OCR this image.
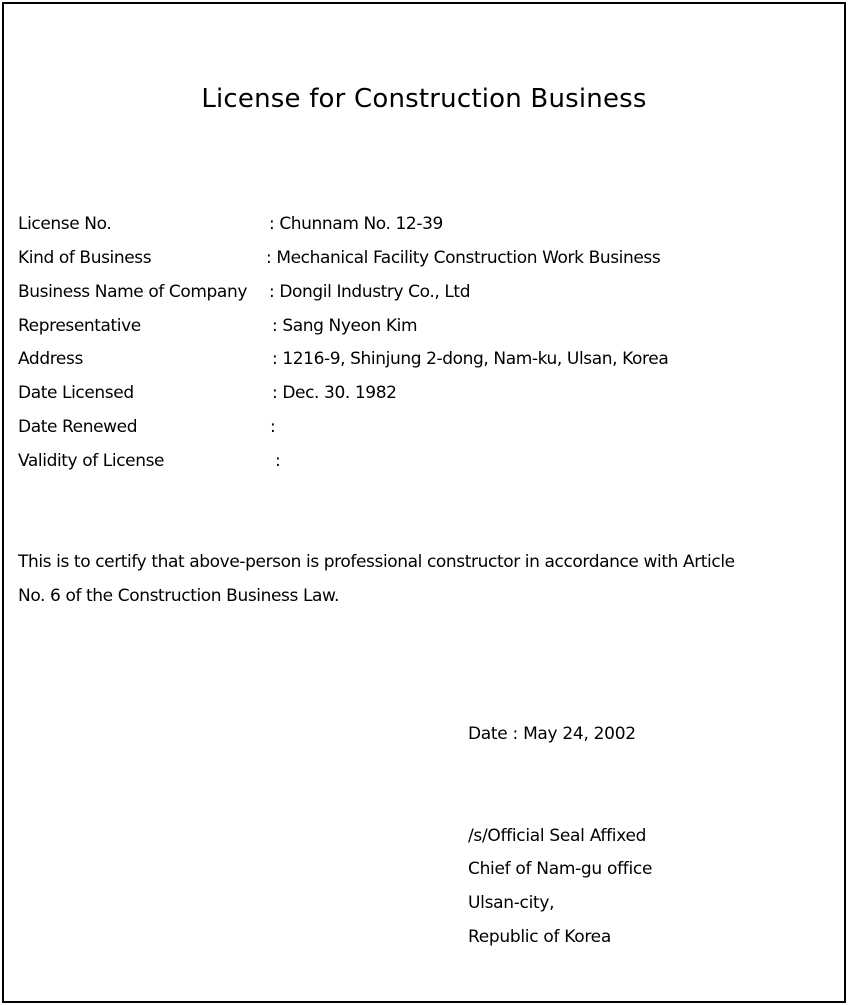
License for Construction Business
License No.	: Chunnam No. 12-39
Kind of Business	: Mechanical Facility Construction Work Business
Business Name of Company : Dongil Industry Co., Ltd
Representative	: Sang Nyeon Kim
Address	: 1216-9, Shinjung 2-dong, Nam-ku, Ulsan, Korea
Date Licensed	: Dec. 30. 1982
Date Renewed	:
Validity of License	:
This is to certify that above-person is professional constructor in accordance with Article
No. 6 of the Construction Business Law.
Date : May 24, 2002
/s/Official Seal Affixed
Chief of Nam-gu office
Ulsan-city,
Republic of Korea
